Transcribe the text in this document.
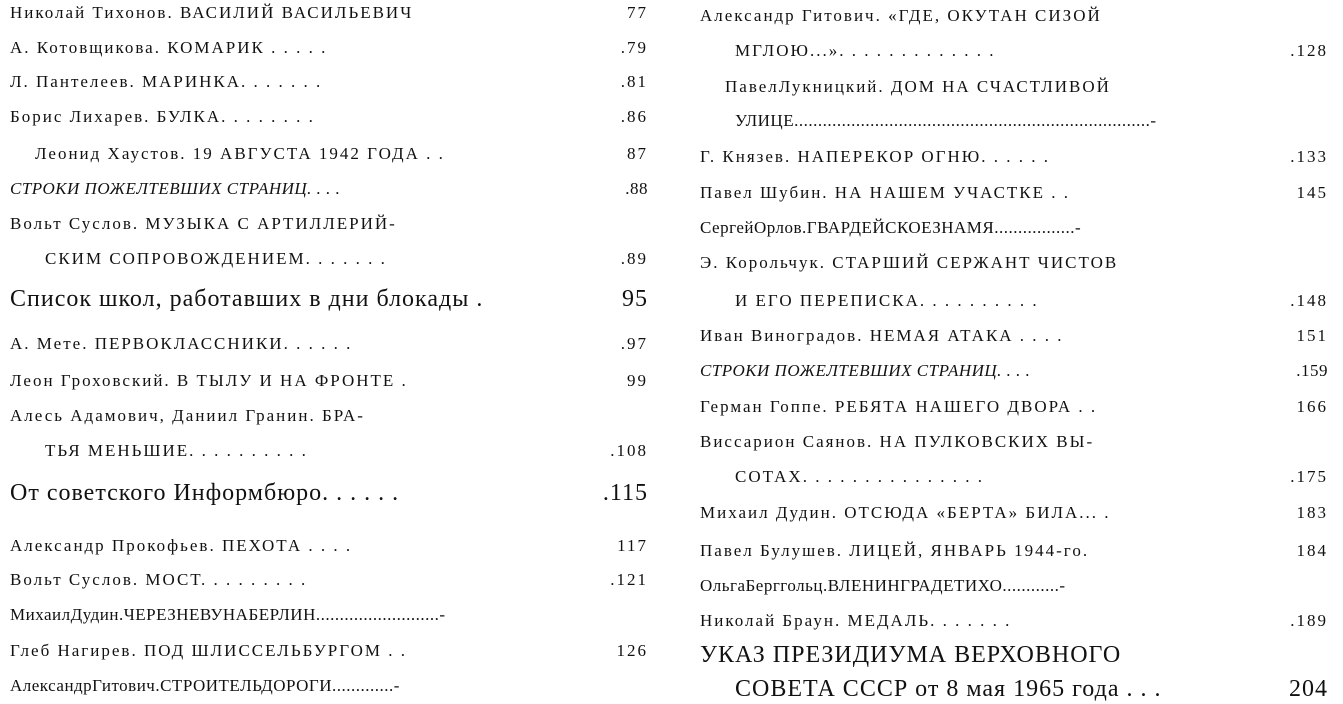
Николай Тихонов. ВАСИЛИЙ ВАСИЛЬЕВИЧ	77
А. Котовщикова. КОМАРИК . . . . .	.79
Л. Пантелеев. МАРИНКА. . . . . . .	.81
Борис Лихарев. БУЛКА. . . . . . . .	.86
Леонид Хаустов. 19 АВГУСТА 1942 ГОДА . .	87
СТРОКИ ПОЖЕЛТЕВШИХ СТРАНИЦ. . . .	.88
Вольт Суслов. МУЗЫКА С АРТИЛЛЕРИЙ-
СКИМ СОПРОВОЖДЕНИЕМ. . . . . . .	.89
Список школ, работавших в дни блокады .	95
А. Мете. ПЕРВОКЛАССНИКИ. . . . . .	.97
Леон Гроховский. В ТЫЛУ И НА ФРОНТЕ .	99
Алесь Адамович, Даниил Гранин. БРА-
ТЬЯ МЕНЬШИЕ. . . . . . . . . .	.108
От советского Информбюро. . . . . .	.115
Александр Прокофьев. ПЕХОТА . . . .	117
Вольт Суслов. МОСТ. . . . . . . . .	.121
МихаилДудин.ЧЕРЕЗНЕВУНАБЕРЛИН..........................-
Глеб Нагирев. ПОД ШЛИССЕЛЬБУРГОМ . .	126
АлександрГитович.СТРОИТЕЛЬДОРОГИ.............-
Александр Гитович. «ГДЕ, ОКУТАН СИЗОЙ
МГЛОЮ...». . . . . . . . . . . . .	.128
ПавелЛукницкий. ДОМ НА СЧАСТЛИВОЙ
УЛИЦЕ...........................................................................-
Г. Князев. НАПЕРЕКОР ОГНЮ. . . . . .	.133
Павел Шубин. НА НАШЕМ УЧАСТКЕ . .	145
СергейОрлов.ГВАРДЕЙСКОЕЗНАМЯ.................-
Э. Корольчук. СТАРШИЙ СЕРЖАНТ ЧИСТОВ
И ЕГО ПЕРЕПИСКА. . . . . . . . . .	.148
Иван Виноградов. НЕМАЯ АТАКА . . . .	151
СТРОКИ ПОЖЕЛТЕВШИХ СТРАНИЦ. . . .	.159
Герман Гоппе. РЕБЯТА НАШЕГО ДВОРА . .	166
Виссарион Саянов. НА ПУЛКОВСКИХ ВЫ-
СОТАХ. . . . . . . . . . . . . . .	.175
Михаил Дудин. ОТСЮДА «БЕРТА» БИЛА... .	183
Павел Булушев. ЛИЦЕЙ, ЯНВАРЬ 1944-го.	184
ОльгаБерггольц.ВЛЕНИНГРАДЕТИХО............-
Николай Браун. МЕДАЛЬ. . . . . . .	.189
УКАЗ ПРЕЗИДИУМА ВЕРХОВНОГО
СОВЕТА СССР от 8 мая 1965 года . . .	204
